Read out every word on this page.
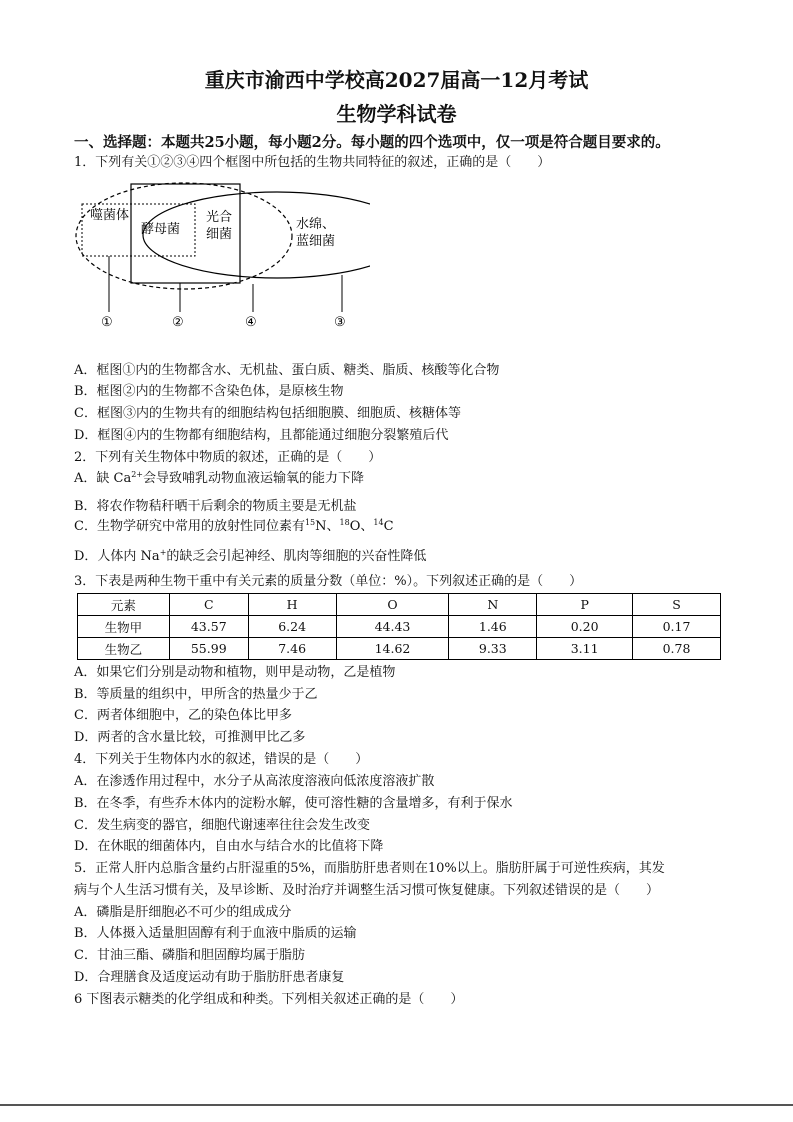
重庆市渝西中学校高2027届高一12月考试
生物学科试卷
一、选择题：本题共25小题，每小题2分。每小题的四个选项中，仅一项是符合题目要求的。
1．下列有关①②③④四个框图中所包括的生物共同特征的叙述，正确的是（　　）
噬菌体
酵母菌
光合
细菌
水绵、
蓝细菌
①	②	④	③
A．框图①内的生物都含水、无机盐、蛋白质、糖类、脂质、核酸等化合物
B．框图②内的生物都不含染色体，是原核生物
C．框图③内的生物共有的细胞结构包括细胞膜、细胞质、核糖体等
D．框图④内的生物都有细胞结构，且都能通过细胞分裂繁殖后代
2．下列有关生物体中物质的叙述，正确的是（　　）
A．缺 $Ca^{2+}$会导致哺乳动物血液运输氧的能力下降
B．将农作物秸秆晒干后剩余的物质主要是无机盐
C．生物学研究中常用的放射性同位素有$^{15}$N、$^{18}$O、$^{14}$C
D．人体内 Na+的缺乏会引起神经、肌肉等细胞的兴奋性降低
3．下表是两种生物干重中有关元素的质量分数（单位：%）。下列叙述正确的是（　　）
元素	C	H	O	N	P	S
生物甲	43.57	6.24	44.43	1.46	0.20	0.17
生物乙	55.99	7.46	14.62	9.33	3.11	0.78
A．如果它们分别是动物和植物，则甲是动物，乙是植物
B．等质量的组织中，甲所含的热量少于乙
C．两者体细胞中，乙的染色体比甲多
D．两者的含水量比较，可推测甲比乙多
4．下列关于生物体内水的叙述，错误的是（　　）
A．在渗透作用过程中，水分子从高浓度溶液向低浓度溶液扩散
B．在冬季，有些乔木体内的淀粉水解，使可溶性糖的含量增多，有利于保水
C．发生病变的器官，细胞代谢速率往往会发生改变
D．在休眠的细菌体内，自由水与结合水的比值将下降
5．正常人肝内总脂含量约占肝湿重的5%，而脂肪肝患者则在10%以上。脂肪肝属于可逆性疾病，其发
病与个人生活习惯有关，及早诊断、及时治疗并调整生活习惯可恢复健康。下列叙述错误的是（　　）
A．磷脂是肝细胞必不可少的组成成分
B．人体摄入适量胆固醇有利于血液中脂质的运输
C．甘油三酯、磷脂和胆固醇均属于脂肪
D．合理膳食及适度运动有助于脂肪肝患者康复
6 下图表示糖类的化学组成和种类。下列相关叙述正确的是（　　）
